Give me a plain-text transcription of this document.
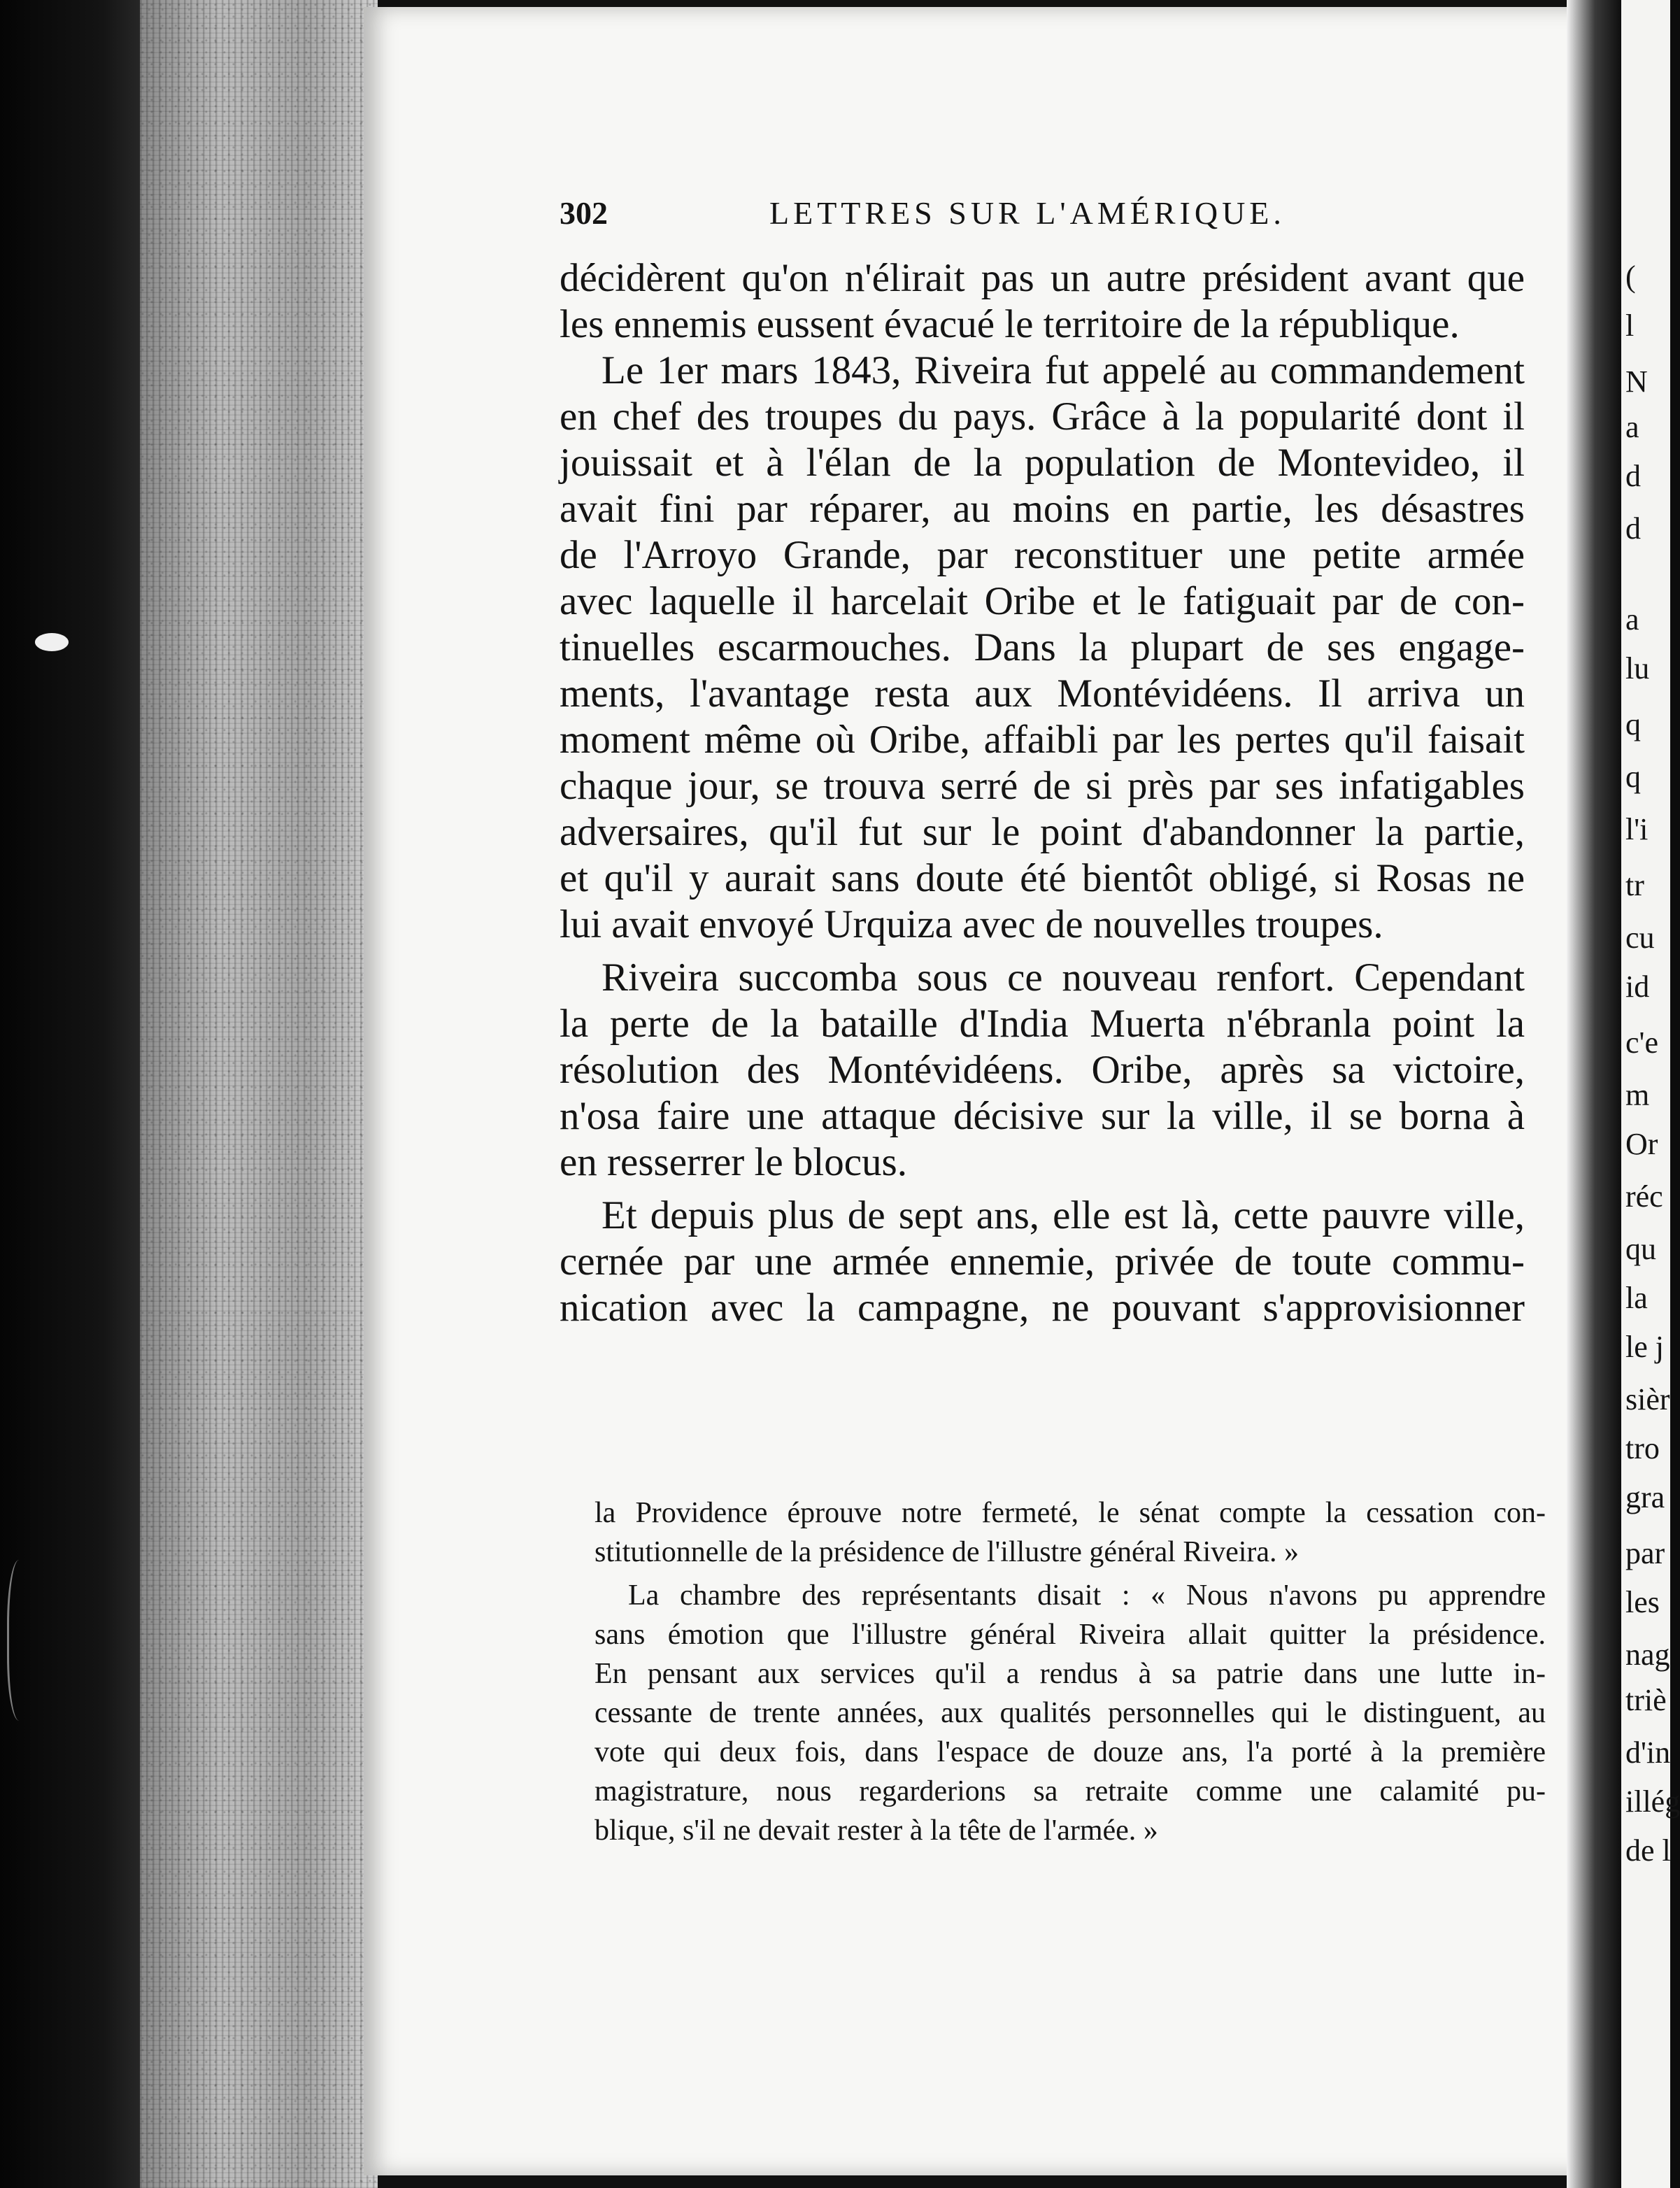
(
l
N
a
d
d
a
lu
q
q
l'i
tr
cu
id
c'e
m
Or
réc
qu
la
le j
sièr
tro
gra
par
les
nag
triè
d'in
illég
de l
302	LETTRES SUR L'AMÉRIQUE.
décidèrent qu'on n'élirait pas un autre président avant que
les ennemis eussent évacué le territoire de la république.
Le 1er mars 1843, Riveira fut appelé au commandement
en chef des troupes du pays. Grâce à la popularité dont il
jouissait et à l'élan de la population de Montevideo, il
avait fini par réparer, au moins en partie, les désastres
de l'Arroyo Grande, par reconstituer une petite armée
avec laquelle il harcelait Oribe et le fatiguait par de con-
tinuelles escarmouches. Dans la plupart de ses engage-
ments, l'avantage resta aux Montévidéens. Il arriva un
moment même où Oribe, affaibli par les pertes qu'il faisait
chaque jour, se trouva serré de si près par ses infatigables
adversaires, qu'il fut sur le point d'abandonner la partie,
et qu'il y aurait sans doute été bientôt obligé, si Rosas ne
lui avait envoyé Urquiza avec de nouvelles troupes.
Riveira succomba sous ce nouveau renfort. Cependant
la perte de la bataille d'India Muerta n'ébranla point la
résolution des Montévidéens. Oribe, après sa victoire,
n'osa faire une attaque décisive sur la ville, il se borna à
en resserrer le blocus.
Et depuis plus de sept ans, elle est là, cette pauvre ville,
cernée par une armée ennemie, privée de toute commu-
nication avec la campagne, ne pouvant s'approvisionner
la Providence éprouve notre fermeté, le sénat compte la cessation con-
stitutionnelle de la présidence de l'illustre général Riveira. »
La chambre des représentants disait : « Nous n'avons pu apprendre
sans émotion que l'illustre général Riveira allait quitter la présidence.
En pensant aux services qu'il a rendus à sa patrie dans une lutte in-
cessante de trente années, aux qualités personnelles qui le distinguent, au
vote qui deux fois, dans l'espace de douze ans, l'a porté à la première
magistrature, nous regarderions sa retraite comme une calamité pu-
blique, s'il ne devait rester à la tête de l'armée. »
